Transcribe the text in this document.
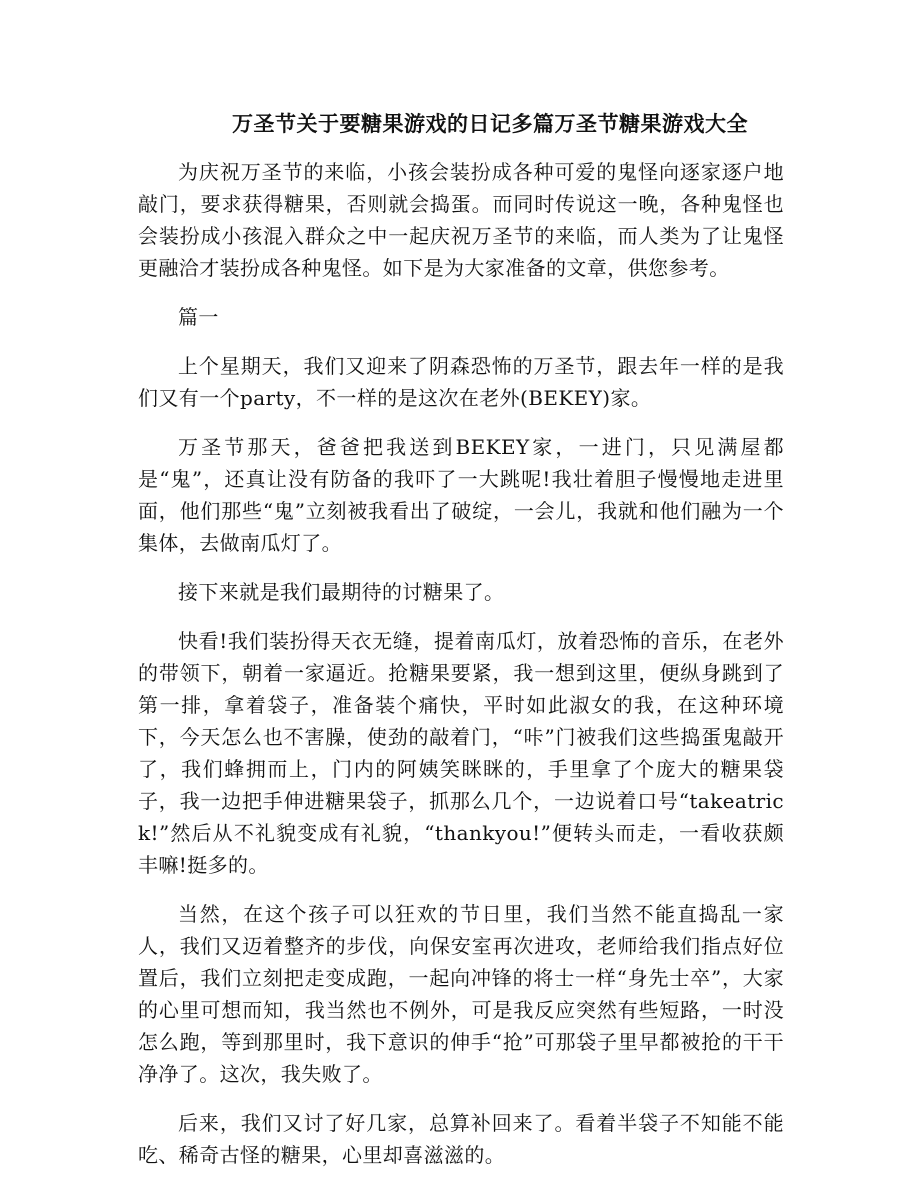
万圣节关于要糖果游戏的日记多篇万圣节糖果游戏大全

为庆祝万圣节的来临，小孩会装扮成各种可爱的鬼怪向逐家逐户地敲门，要求获得糖果，否则就会捣蛋。而同时传说这一晚，各种鬼怪也会装扮成小孩混入群众之中一起庆祝万圣节的来临，而人类为了让鬼怪更融洽才装扮成各种鬼怪。如下是为大家准备的文章，供您参考。

篇一

上个星期天，我们又迎来了阴森恐怖的万圣节，跟去年一样的是我们又有一个party，不一样的是这次在老外(BEKEY)家。

万圣节那天，爸爸把我送到BEKEY家，一进门，只见满屋都是“鬼”，还真让没有防备的我吓了一大跳呢!我壮着胆子慢慢地走进里面，他们那些“鬼”立刻被我看出了破绽，一会儿，我就和他们融为一个集体，去做南瓜灯了。

接下来就是我们最期待的讨糖果了。

快看!我们装扮得天衣无缝，提着南瓜灯，放着恐怖的音乐，在老外的带领下，朝着一家逼近。抢糖果要紧，我一想到这里，便纵身跳到了第一排，拿着袋子，准备装个痛快，平时如此淑女的我，在这种环境下，今天怎么也不害臊，使劲的敲着门，“咔”门被我们这些捣蛋鬼敲开了，我们蜂拥而上，门内的阿姨笑眯眯的，手里拿了个庞大的糖果袋子，我一边把手伸进糖果袋子，抓那么几个，一边说着口号“takeatrick!”然后从不礼貌变成有礼貌，“thankyou!”便转头而走，一看收获颇丰嘛!挺多的。

当然，在这个孩子可以狂欢的节日里，我们当然不能直捣乱一家人，我们又迈着整齐的步伐，向保安室再次进攻，老师给我们指点好位置后，我们立刻把走变成跑，一起向冲锋的将士一样“身先士卒”，大家的心里可想而知，我当然也不例外，可是我反应突然有些短路，一时没怎么跑，等到那里时，我下意识的伸手“抢”可那袋子里早都被抢的干干净净了。这次，我失败了。

后来，我们又讨了好几家，总算补回来了。看着半袋子不知能不能吃、稀奇古怪的糖果，心里却喜滋滋的。
